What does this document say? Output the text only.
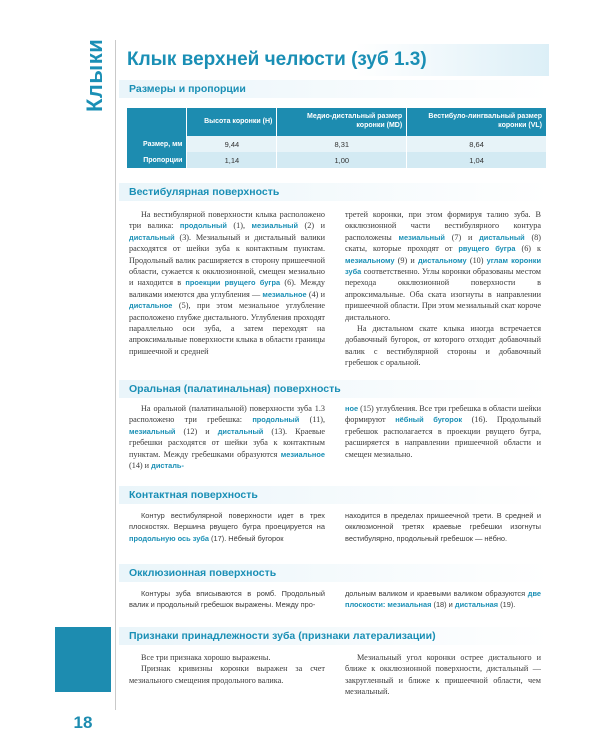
Клыки
18
Клык верхней челюсти (зуб 1.3)
Размеры и пропорции
	Высота коронки (H)	Медио-дистальный размер коронки (MD)	Вестибуло-лингвальный размер коронки (VL)
Размер, мм	9,44	8,31	8,64
Пропорции	1,14	1,00	1,04
Вестибулярная поверхность

На вестибулярной поверхности клыка расположено три валика: продольный (1), мезиальный (2) и дистальный (3). Мезиальный и дистальный валики расходятся от шейки зуба к контактным пунктам. Продольный валик расширяется в сторону пришеечной области, сужается к окклюзионной, смещен мезиально и находится в проекции рвущего бугра (6). Между валиками имеются два углубления — мезиальное (4) и дистальное (5), при этом мезиальное углубление расположено глубже дистального. Углубления проходят параллельно оси зуба, а затем переходят на апроксимальные поверхности клыка в области границы пришеечной и средней

третей коронки, при этом формируя талию зуба. В окклюзионной части вестибулярного контура расположены мезиальный (7) и дистальный (8) скаты, которые проходят от рвущего бугра (6) к мезиальному (9) и дистальному (10) углам коронки зуба соответственно. Углы коронки образованы местом перехода окклюзионной поверхности в апроксимальные. Оба ската изогнуты в направлении пришеечной области. При этом мезиальный скат короче дистального.

На дистальном скате клыка иногда встречается добавочный бугорок, от которого отходит добавочный валик с вестибулярной стороны и добавочный гребешок с оральной.

Оральная (палатинальная) поверхность

На оральной (палатинальной) поверхности зуба 1.3 расположено три гребешка: продольный (11), мезиальный (12) и дистальный (13). Краевые гребешки расходятся от шейки зуба к контактным пунктам. Между гребешками образуются мезиальное (14) и дисталь-

ное (15) углубления. Все три гребешка в области шейки формируют нёбный бугорок (16). Продольный гребешок располагается в проекции рвущего бугра, расширяется в направлении пришеечной области и смещен мезиально.

Контактная поверхность

Контур вестибулярной поверхности идет в трех плоскостях. Вершина рвущего бугра проецируется на продольную ось зуба (17). Нёбный бугорок

находится в пределах пришеечной трети. В средней и окклюзионной третях краевые гребешки изогнуты вестибулярно, продольный гребешок — нёбно.

Окклюзионная поверхность

Контуры зуба вписываются в ромб. Продольный валик и продольный гребешок выражены. Между про-

дольным валиком и краевыми валиком образуются две плоскости: мезиальная (18) и дистальная (19).

Признаки принадлежности зуба (признаки латерализации)

Все три признака хорошо выражены.

Признак кривизны коронки выражен за счет мезиального смещения продольного валика.

Мезиальный угол коронки острее дистального и ближе к окклюзионной поверхности, дистальный — закругленный и ближе к пришеечной области, чем мезиальный.
